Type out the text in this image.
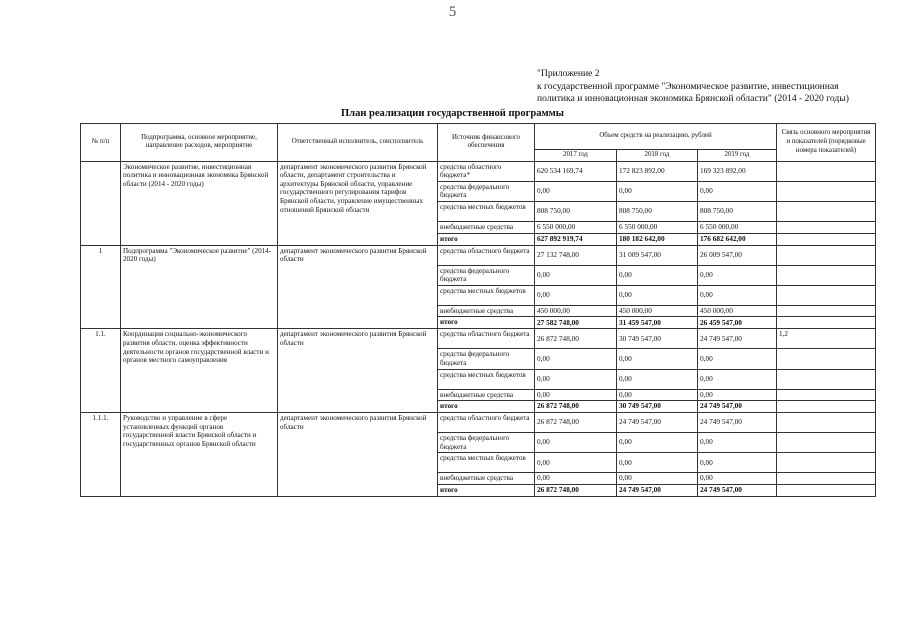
5
"Приложение 2
к государственной программе "Экономическое развитие, инвестиционная
политика и инновационная экономика Брянской области" (2014 - 2020 годы)
План реализации государственной программы
№ п/п	Подпрограмма, основное мероприятие, направление расходов, мероприятие	Ответственный исполнитель, соисполнитель	Источник финансового обеспечения	Объем средств на реализацию, рублей			Связь основного мероприятия и показателей (порядковые номера показателей)
				2017 год	2018 год	2019 год	
	Экономическое развитие, инвестиционная политика и инновационная экономика Брянской области (2014 - 2020 годы)	департамент экономического развития Брянской области, департамент строительства и архитектуры Брянской области, управление государственного регулирования тарифов Брянской области, управление имущественных отношений Брянской области	средства областного бюджета*	620 534 169,74	172 823 892,00	169 323 892,00	
			средства федерального бюджета	0,00	0,00	0,00	
			средства местных бюджетов	808 750,00	808 750,00	808 750,00	
			внебюджетные средства	6 550 000,00	6 550 000,00	6 550 000,00	
			итого	627 892 919,74	180 182 642,00	176 682 642,00	
1	Подпрограмма "Экономическое развитие" (2014-2020 годы)	департамент экономического развития Брянской области	средства областного бюджета	27 132 748,00	31 009 547,00	26 009 547,00	
			средства федерального бюджета	0,00	0,00	0,00	
			средства местных бюджетов	0,00	0,00	0,00	
			внебюджетные средства	450 000,00	450 000,00	450 000,00	
			итого	27 582 748,00	31 459 547,00	26 459 547,00	
1.1.	Координация социально-экономического развития области, оценка эффективности деятельности органов государственной власти и органов местного самоуправления	департамент экономического развития Брянской области	средства областного бюджета	26 872 748,00	30 749 547,00	24 749 547,00	1,2
			средства федерального бюджета	0,00	0,00	0,00	
			средства местных бюджетов	0,00	0,00	0,00	
			внебюджетные средства	0,00	0,00	0,00	
			итого	26 872 748,00	30 749 547,00	24 749 547,00	
1.1.1.	Руководство и управление в сфере установленных функций органов государственной власти Брянской области и государственных органов Брянской области	департамент экономического развития Брянской области	средства областного бюджета	26 872 748,00	24 749 547,00	24 749 547,00	
			средства федерального бюджета	0,00	0,00	0,00	
			средства местных бюджетов	0,00	0,00	0,00	
			внебюджетные средства	0,00	0,00	0,00	
			итого	26 872 748,00	24 749 547,00	24 749 547,00	
